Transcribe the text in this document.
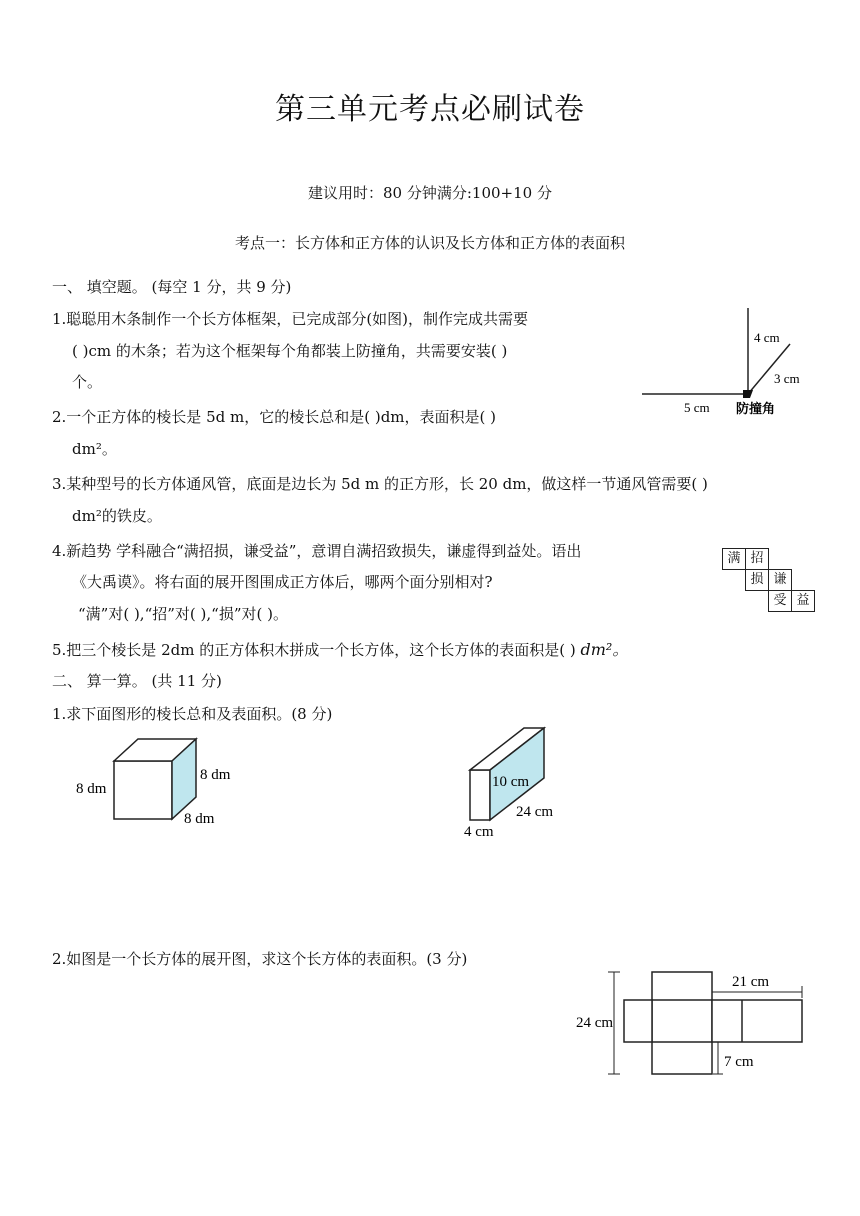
第三单元考点必刷试卷
建议用时：80 分钟满分:100+10 分
考点一：长方体和正方体的认识及长方体和正方体的表面积
一、 填空题。 (每空 1 分，共 9 分)
1.聪聪用木条制作一个长方体框架，已完成部分(如图)，制作完成共需要
( )cm 的木条；若为这个框架每个角都装上防撞角，共需要安装( )
个。
4 cm
3 cm
5 cm 防撞角
2.一个正方体的棱长是 5d m，它的棱长总和是( )dm，表面积是( )
dm²。
3.某种型号的长方体通风管，底面是边长为 5d m 的正方形，长 20 dm，做这样一节通风管需要( )
dm²的铁皮。
4.新趋势 学科融合“满招损，谦受益”，意谓自满招致损失，谦虚得到益处。语出
《大禹谟》。将右面的展开图围成正方体后，哪两个面分别相对?
“满”对( ),“招”对( ),“损”对( )。
满 招
损 谦
受 益
5.把三个棱长是 2dm 的正方体积木拼成一个长方体，这个长方体的表面积是( ) dm²。
二、 算一算。 (共 11 分)
1.求下面图形的棱长总和及表面积。(8 分)
8 dm
8 dm
8 dm
10 cm
24 cm
4 cm
2.如图是一个长方体的展开图，求这个长方体的表面积。(3 分)
24 cm
21 cm
7 cm
